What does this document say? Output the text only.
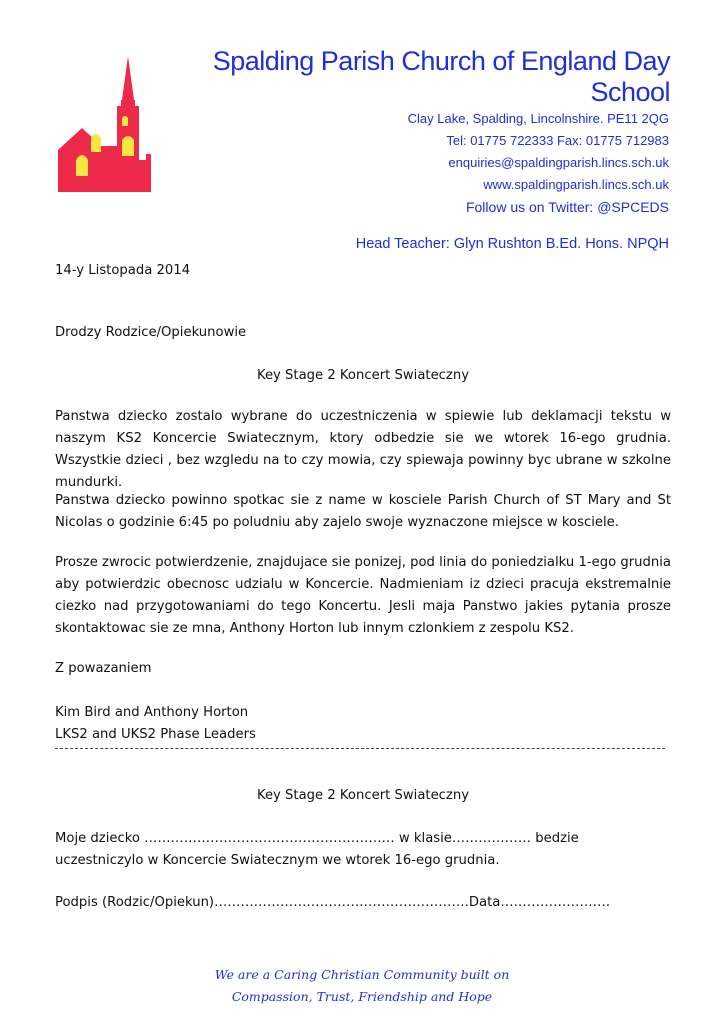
Spalding Parish Church of England Day School
Clay Lake, Spalding, Lincolnshire. PE11 2QG
Tel: 01775 722333 Fax: 01775 712983
enquiries@spaldingparish.lincs.sch.uk
www.spaldingparish.lincs.sch.uk
Follow us on Twitter: @SPCEDS
Head Teacher: Glyn Rushton B.Ed. Hons. NPQH
14-y Listopada 2014
Drodzy Rodzice/Opiekunowie
Key Stage 2 Koncert Swiateczny
Panstwa dziecko zostalo wybrane do uczestniczenia w spiewie lub deklamacji tekstu w naszym KS2 Koncercie Swiatecznym, ktory odbedzie sie we wtorek 16-ego grudnia. Wszystkie dzieci , bez wzgledu na to czy mowia, czy spiewaja powinny byc ubrane w szkolne mundurki.
Panstwa dziecko powinno spotkac sie z name w kosciele Parish Church of ST Mary and St Nicolas o godzinie 6:45 po poludniu aby zajelo swoje wyznaczone miejsce w kosciele.
Prosze zwrocic potwierdzenie, znajdujace sie ponizej, pod linia do poniedzialku 1-ego grudnia aby potwierdzic obecnosc udzialu w Koncercie. Nadmieniam iz dzieci pracuja ekstremalnie ciezko nad przygotowaniami do tego Koncertu. Jesli maja Panstwo jakies pytania prosze skontaktowac sie ze mna, Anthony Horton lub innym czlonkiem z zespolu KS2.
Z powazaniem
Kim Bird and Anthony Horton
LKS2 and UKS2 Phase Leaders
Key Stage 2 Koncert Swiateczny
Moje dziecko ………………………………………………… w klasie……………… bedzie
uczestniczylo w Koncercie Swiatecznym we wtorek 16-ego grudnia.
Podpis (Rodzic/Opiekun)………………………………………………….Data…………………….
We are a Caring Christian Community built on
Compassion, Trust, Friendship and Hope
